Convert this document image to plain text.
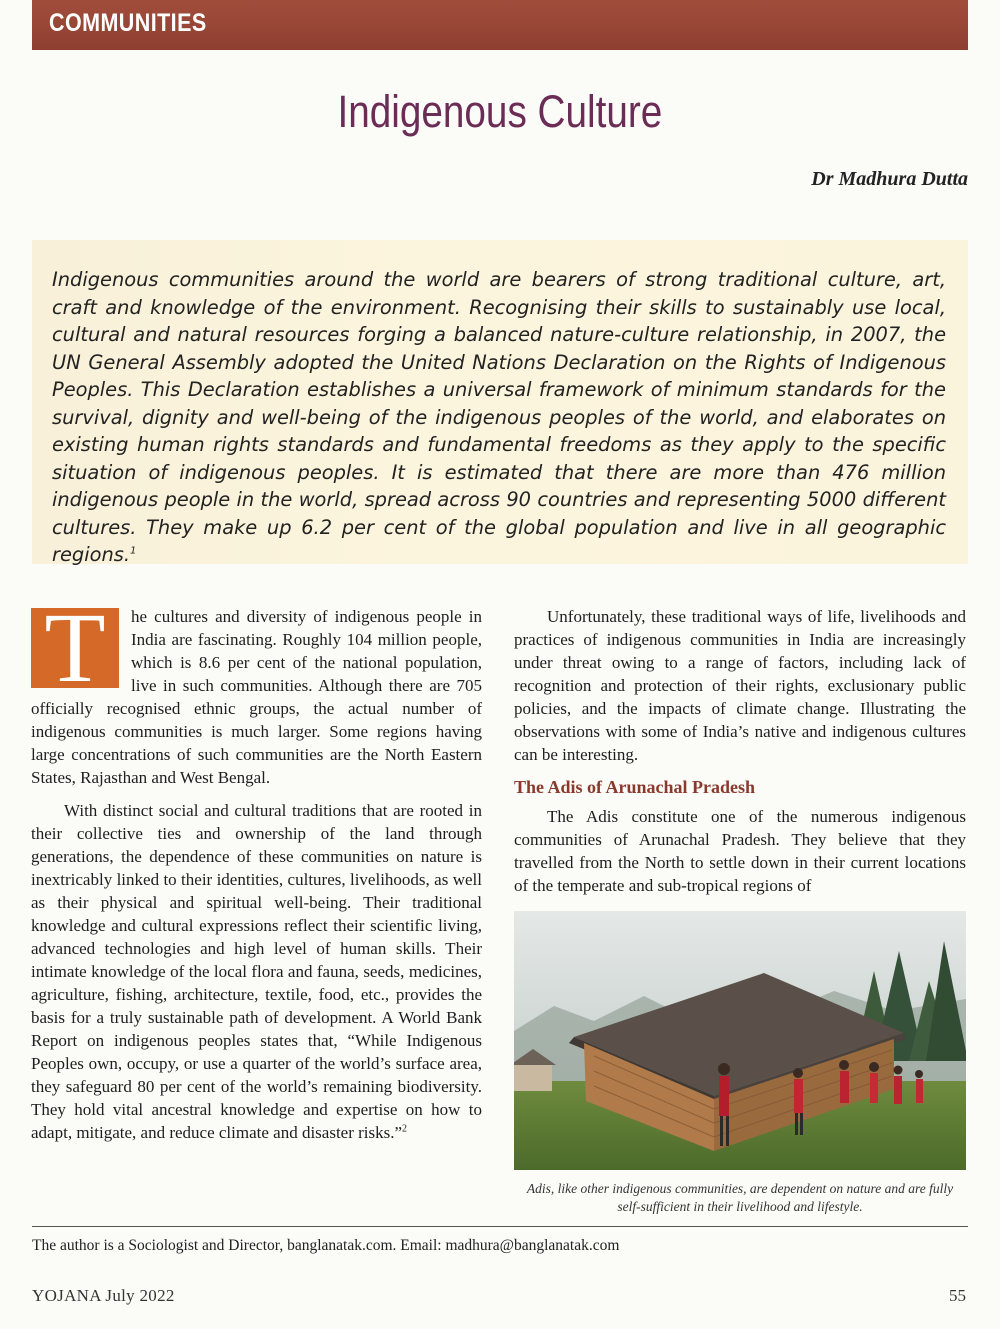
COMMUNITIES
Indigenous Culture
Dr Madhura Dutta

Indigenous communities around the world are bearers of strong traditional culture, art, craft and knowledge of the environment. Recognising their skills to sustainably use local, cultural and natural resources forging a balanced nature-culture relationship, in 2007, the UN General Assembly adopted the United Nations Declaration on the Rights of Indigenous Peoples. This Declaration establishes a universal framework of minimum standards for the survival, dignity and well-being of the indigenous peoples of the world, and elaborates on existing human rights standards and fundamental freedoms as they apply to the specific situation of indigenous peoples. It is estimated that there are more than 476 million indigenous people in the world, spread across 90 countries and representing 5000 different cultures. They make up 6.2 per cent of the global population and live in all geographic regions.$^1$

T	he cultures and diversity of indigenous people in India are fascinating. Roughly 104 million people, which is 8.6 per cent of the national population, live in such communities. Although there are 705 officially recognised ethnic groups, the actual number of indigenous communities is much larger. Some regions having large concentrations of such communities are the North Eastern States, Rajasthan and West Bengal.

With distinct social and cultural traditions that are rooted in their collective ties and ownership of the land through generations, the dependence of these communities on nature is inextricably linked to their identities, cultures, livelihoods, as well as their physical and spiritual well-being. Their traditional knowledge and cultural expressions reflect their scientific living, advanced technologies and high level of human skills. Their intimate knowledge of the local flora and fauna, seeds, medicines, agriculture, fishing, architecture, textile, food, etc., provides the basis for a truly sustainable path of development. A World Bank Report on indigenous peoples states that, “While Indigenous Peoples own, occupy, or use a quarter of the world’s surface area, they safeguard 80 per cent of the world’s remaining biodiversity. They hold vital ancestral knowledge and expertise on how to adapt, mitigate, and reduce climate and disaster risks.”$^2$

Unfortunately, these traditional ways of life, livelihoods and practices of indigenous communities in India are increasingly under threat owing to a range of factors, including lack of recognition and protection of their rights, exclusionary public policies, and the impacts of climate change. Illustrating the observations with some of India’s native and indigenous cultures can be interesting.

The Adis of Arunachal Pradesh

The Adis constitute one of the numerous indigenous communities of Arunachal Pradesh. They believe that they travelled from the North to settle down in their current locations of the temperate and sub-tropical regions of

Adis, like other indigenous communities, are dependent on nature and are fully self-sufficient in their livelihood and lifestyle.
The author is a Sociologist and Director, banglanatak.com. Email: madhura@banglanatak.com
YOJANA July 2022	55
